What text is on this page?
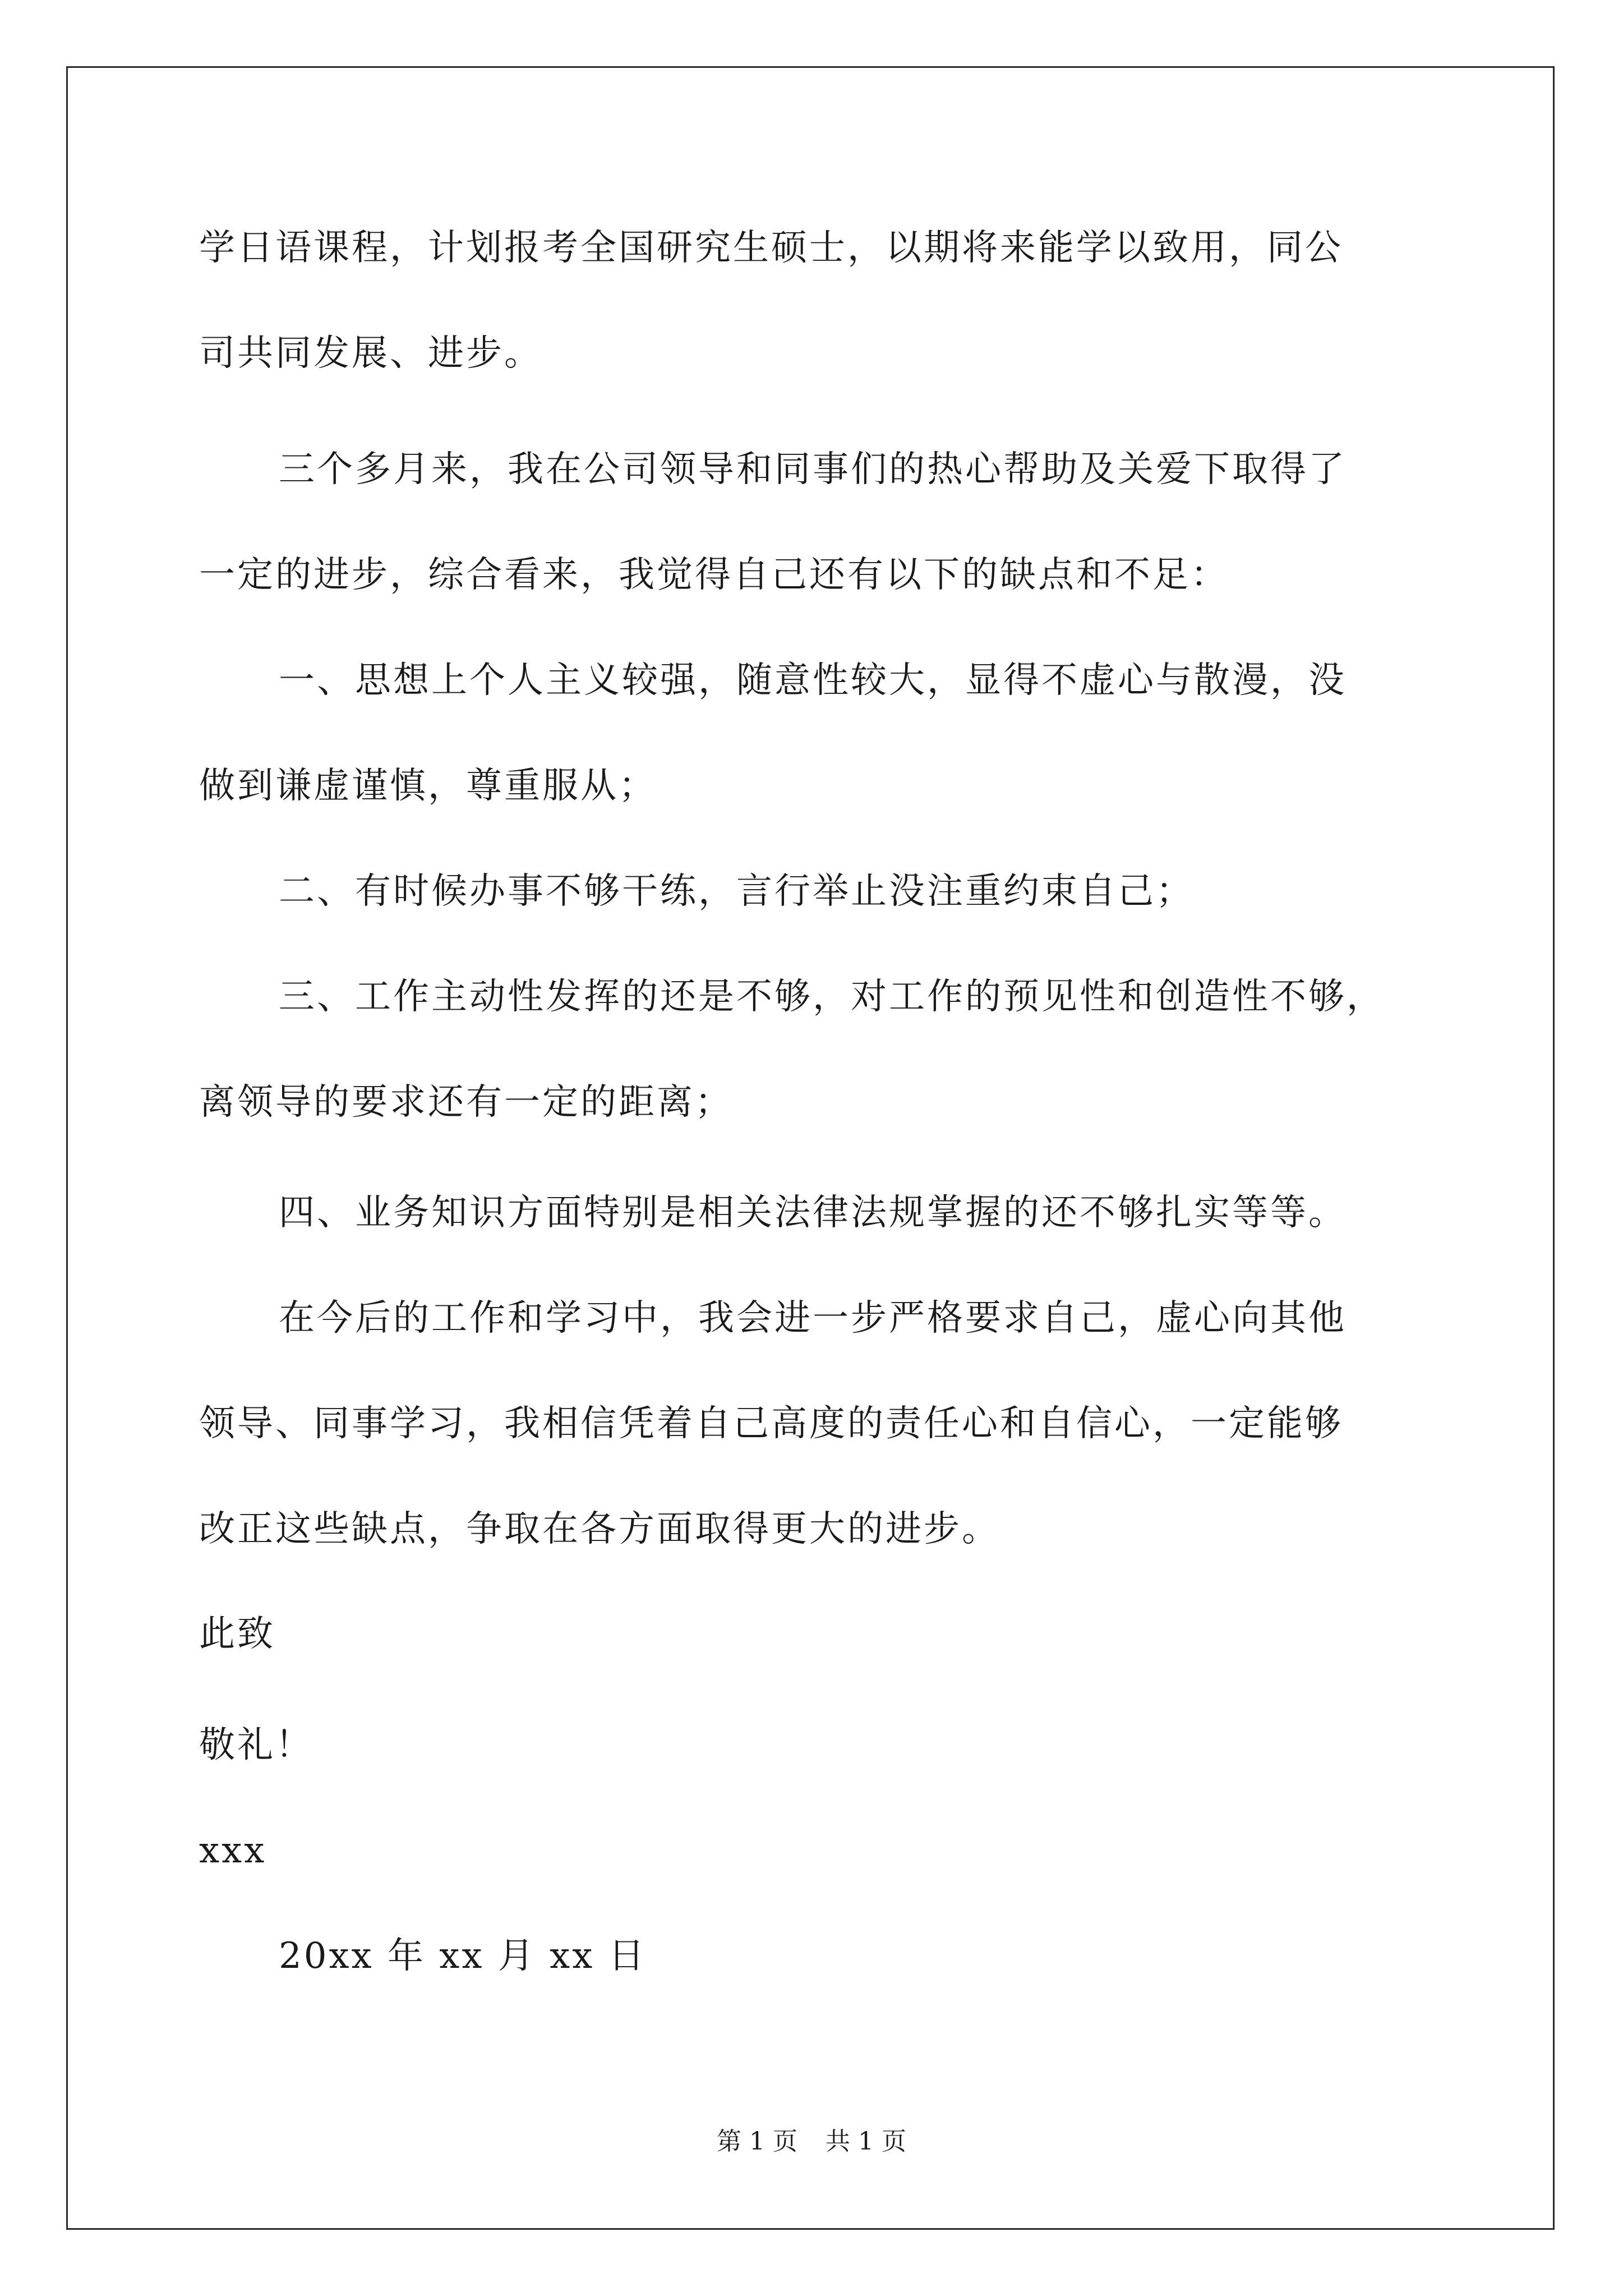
学日语课程，计划报考全国研究生硕士，以期将来能学以致用，同公
司共同发展、进步。
三个多月来，我在公司领导和同事们的热心帮助及关爱下取得了
一定的进步，综合看来，我觉得自己还有以下的缺点和不足：
一、思想上个人主义较强，随意性较大，显得不虚心与散漫，没
做到谦虚谨慎，尊重服从；
二、有时候办事不够干练，言行举止没注重约束自己；
三、工作主动性发挥的还是不够，对工作的预见性和创造性不够，
离领导的要求还有一定的距离；
四、业务知识方面特别是相关法律法规掌握的还不够扎实等等。
在今后的工作和学习中，我会进一步严格要求自己，虚心向其他
领导、同事学习，我相信凭着自己高度的责任心和自信心，一定能够
改正这些缺点，争取在各方面取得更大的进步。
此致
敬礼！
xxx
20xx 年 xx 月 xx 日
第 1 页 共 1 页
